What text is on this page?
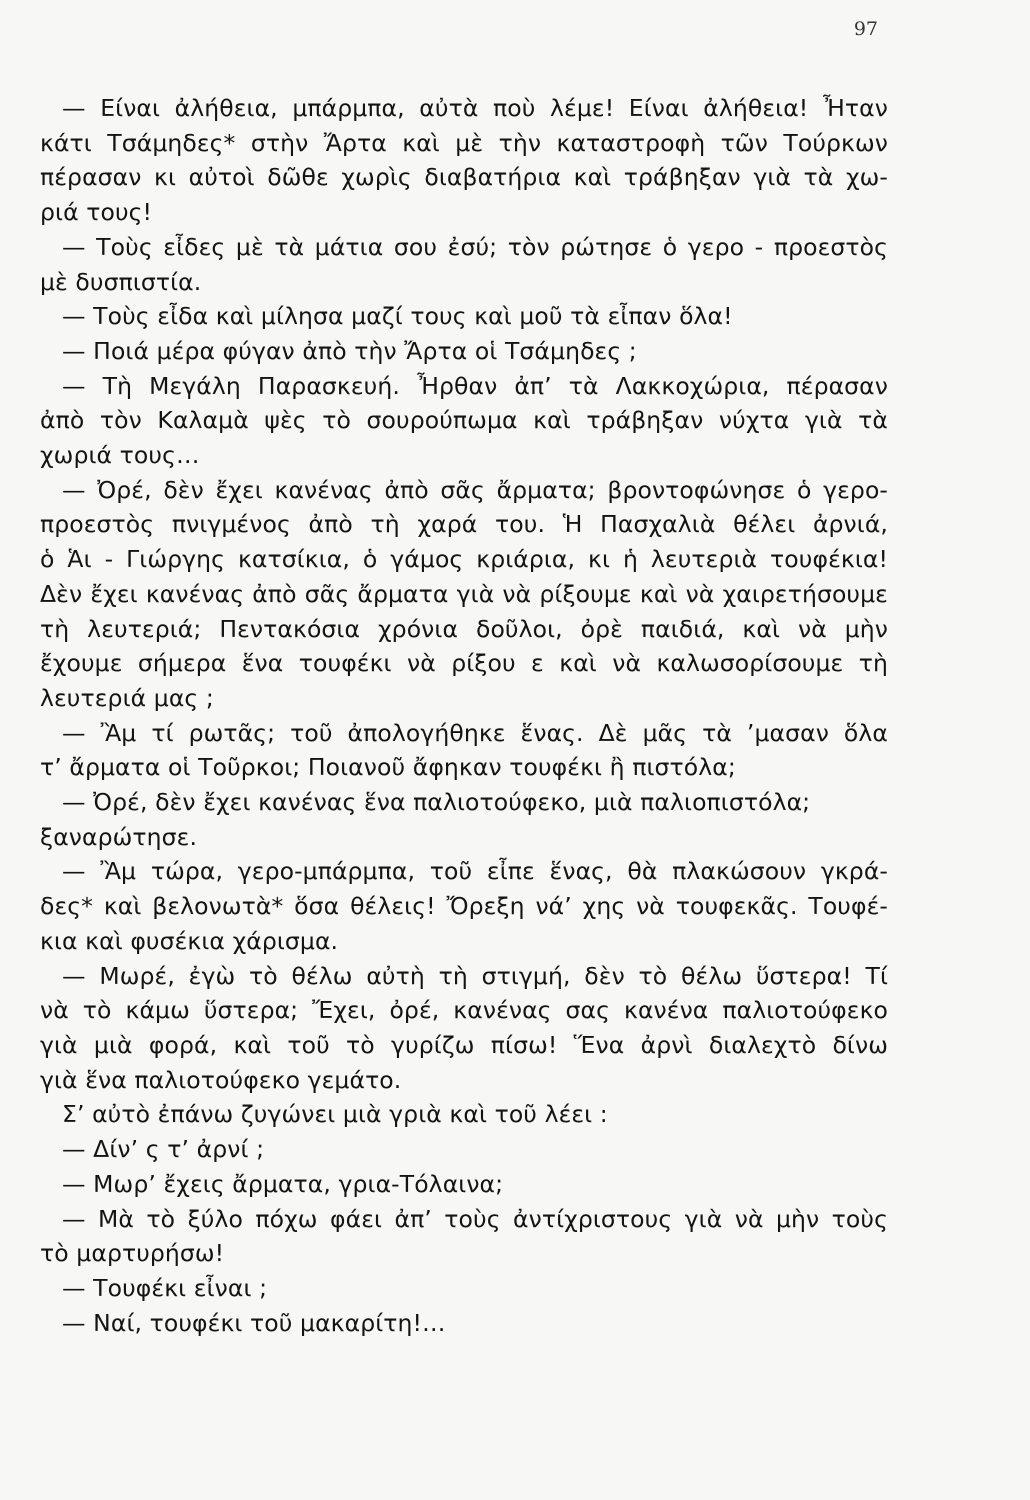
97
— Είναι ἀλήθεια, μπάρμπα, αὐτὰ ποὺ λέμε! Είναι ἀλήθεια! Ἦταν
κάτι Τσάμηδες* στὴν Ἄρτα καὶ μὲ τὴν καταστροφὴ τῶν Τούρκων
πέρασαν κι αὐτοὶ δῶθε χωρὶς διαβατήρια καὶ τράβηξαν γιὰ τὰ χω-
ριά τους!
— Τοὺς εἶδες μὲ τὰ μάτια σου ἐσύ; τὸν ρώτησε ὁ γερο - προεστὸς
μὲ δυσπιστία.
— Τοὺς εἶδα καὶ μίλησα μαζί τους καὶ μοῦ τὰ εἶπαν ὅλα!
— Ποιά μέρα φύγαν ἀπὸ τὴν Ἄρτα οἱ Τσάμηδες ;
— Τὴ Μεγάλη Παρασκευή. Ἦρθαν ἀπ’ τὰ Λακκοχώρια, πέρασαν
ἀπὸ τὸν Καλαμὰ ψὲς τὸ σουρούπωμα καὶ τράβηξαν νύχτα γιὰ τὰ
χωριά τους…
— Ὀρέ, δὲν ἔχει κανένας ἀπὸ σᾶς ἄρματα; βροντοφώνησε ὁ γερο-
προεστὸς πνιγμένος ἀπὸ τὴ χαρά του. Ἡ Πασχαλιὰ θέλει ἀρνιά,
ὁ Ἁι - Γιώργης κατσίκια, ὁ γάμος κριάρια, κι ἡ λευτεριὰ τουφέκια!
Δὲν ἔχει κανένας ἀπὸ σᾶς ἄρματα γιὰ νὰ ρίξουμε καὶ νὰ χαιρετήσουμε
τὴ λευτεριά; Πεντακόσια χρόνια δοῦλοι, ὀρὲ παιδιά, καὶ νὰ μὴν
ἔχουμε σήμερα ἕνα τουφέκι νὰ ρίξου ε καὶ νὰ καλωσορίσουμε τὴ
λευτεριά μας ;
— Ἂμ τί ρωτᾶς; τοῦ ἀπολογήθηκε ἕνας. Δὲ μᾶς τὰ ’μασαν ὅλα
τ’ ἄρματα οἱ Τοῦρκοι; Ποιανοῦ ἄφηκαν τουφέκι ἢ πιστόλα;
— Ὀρέ, δὲν ἔχει κανένας ἕνα παλιοτούφεκο, μιὰ παλιοπιστόλα;
ξαναρώτησε.
— Ἂμ τώρα, γερο-μπάρμπα, τοῦ εἶπε ἕνας, θὰ πλακώσουν γκρά-
δες* καὶ βελονωτὰ* ὅσα θέλεις! Ὄρεξη νά’ χης νὰ τουφεκᾶς. Τουφέ-
κια καὶ φυσέκια χάρισμα.
— Μωρέ, ἐγὼ τὸ θέλω αὐτὴ τὴ στιγμή, δὲν τὸ θέλω ὕστερα! Τί
νὰ τὸ κάμω ὕστερα; Ἔχει, ὀρέ, κανένας σας κανένα παλιοτούφεκο
γιὰ μιὰ φορά, καὶ τοῦ τὸ γυρίζω πίσω! Ἕνα ἀρνὶ διαλεχτὸ δίνω
γιὰ ἕνα παλιοτούφεκο γεμάτο.
Σ’ αὐτὸ ἐπάνω ζυγώνει μιὰ γριὰ καὶ τοῦ λέει :
— Δίν’ ς τ’ ἀρνί ;
— Μωρ’ ἔχεις ἄρματα, γρια-Τόλαινα;
— Μὰ τὸ ξύλο πόχω φάει ἀπ’ τοὺς ἀντίχριστους γιὰ νὰ μὴν τοὺς
τὸ μαρτυρήσω!
— Τουφέκι εἶναι ;
— Ναί, τουφέκι τοῦ μακαρίτη!…
